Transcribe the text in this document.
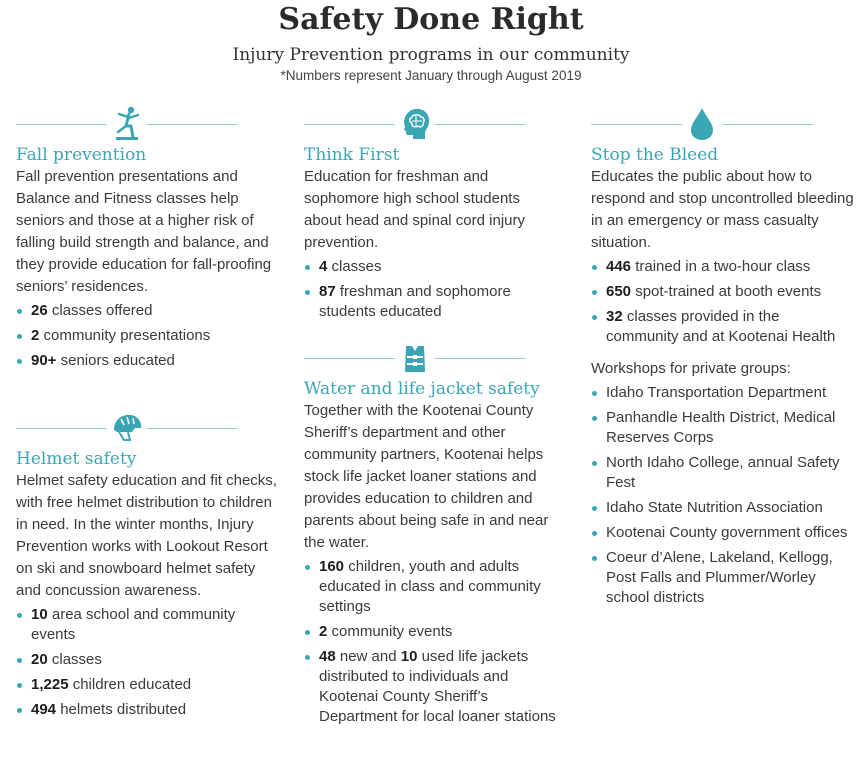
Safety Done Right
Injury Prevention programs in our community
*Numbers represent January through August 2019
Fall prevention
Fall prevention presentations and Balance and Fitness classes help seniors and those at a higher risk of falling build strength and balance, and they provide education for fall-proofing seniors’ residences.
26 classes offered
2 community presentations
90+ seniors educated
Helmet safety
Helmet safety education and fit checks, with free helmet distribution to children in need. In the winter months, Injury Prevention works with Lookout Resort on ski and snowboard helmet safety and concussion awareness.
10 area school and community events
20 classes
1,225 children educated
494 helmets distributed
Think First
Education for freshman and sophomore high school students about head and spinal cord injury prevention.
4 classes
87 freshman and sophomore students educated
Water and life jacket safety
Together with the Kootenai County Sheriff’s department and other community partners, Kootenai helps stock life jacket loaner stations and provides education to children and parents about being safe in and near the water.
160 children, youth and adults educated in class and community settings
2 community events
48 new and 10 used life jackets distributed to individuals and Kootenai County Sheriff’s Department for local loaner stations
Stop the Bleed
Educates the public about how to respond and stop uncontrolled bleeding in an emergency or mass casualty situation.
446 trained in a two-hour class
650 spot-trained at booth events
32 classes provided in the community and at Kootenai Health
Workshops for private groups:
Idaho Transportation Department
Panhandle Health District, Medical Reserves Corps
North Idaho College, annual Safety Fest
Idaho State Nutrition Association
Kootenai County government offices
Coeur d’Alene, Lakeland, Kellogg, Post Falls and Plummer/Worley school districts
